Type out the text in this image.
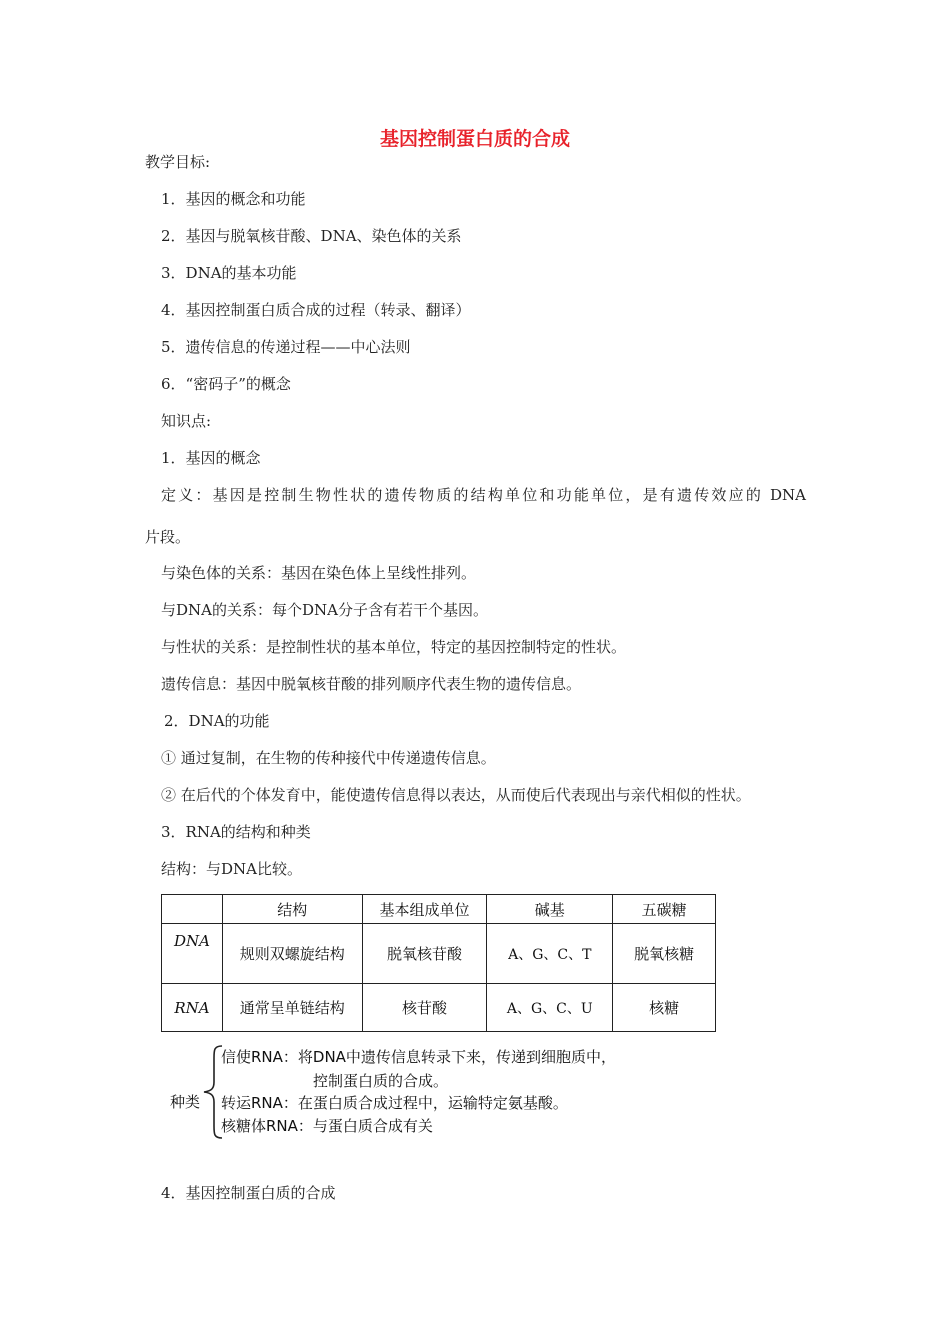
基因控制蛋白质的合成
教学目标:
1．基因的概念和功能
2．基因与脱氧核苷酸、DNA、染色体的关系
3．DNA的基本功能
4．基因控制蛋白质合成的过程（转录、翻译）
5．遗传信息的传递过程——中心法则
6．“密码子”的概念
知识点:
1．基因的概念
定义：基因是控制生物性状的遗传物质的结构单位和功能单位，是有遗传效应的 DNA
片段。
与染色体的关系：基因在染色体上呈线性排列。
与DNA的关系：每个DNA分子含有若干个基因。
与性状的关系：是控制性状的基本单位，特定的基因控制特定的性状。
遗传信息：基因中脱氧核苷酸的排列顺序代表生物的遗传信息。
2．DNA的功能
① 通过复制，在生物的传种接代中传递遗传信息。
② 在后代的个体发育中，能使遗传信息得以表达，从而使后代表现出与亲代相似的性状。
3．RNA的结构和种类
结构：与DNA比较。
	结构	基本组成单位	碱基	五碳糖
DNA	规则双螺旋结构	脱氧核苷酸	A、G、C、T	脱氧核糖
RNA	通常呈单链结构	核苷酸	A、G、C、U	核糖
种类
信使RNA：将DNA中遗传信息转录下来，传递到细胞质中，
控制蛋白质的合成。
转运RNA：在蛋白质合成过程中，运输特定氨基酸。
核糖体RNA：与蛋白质合成有关
4．基因控制蛋白质的合成
